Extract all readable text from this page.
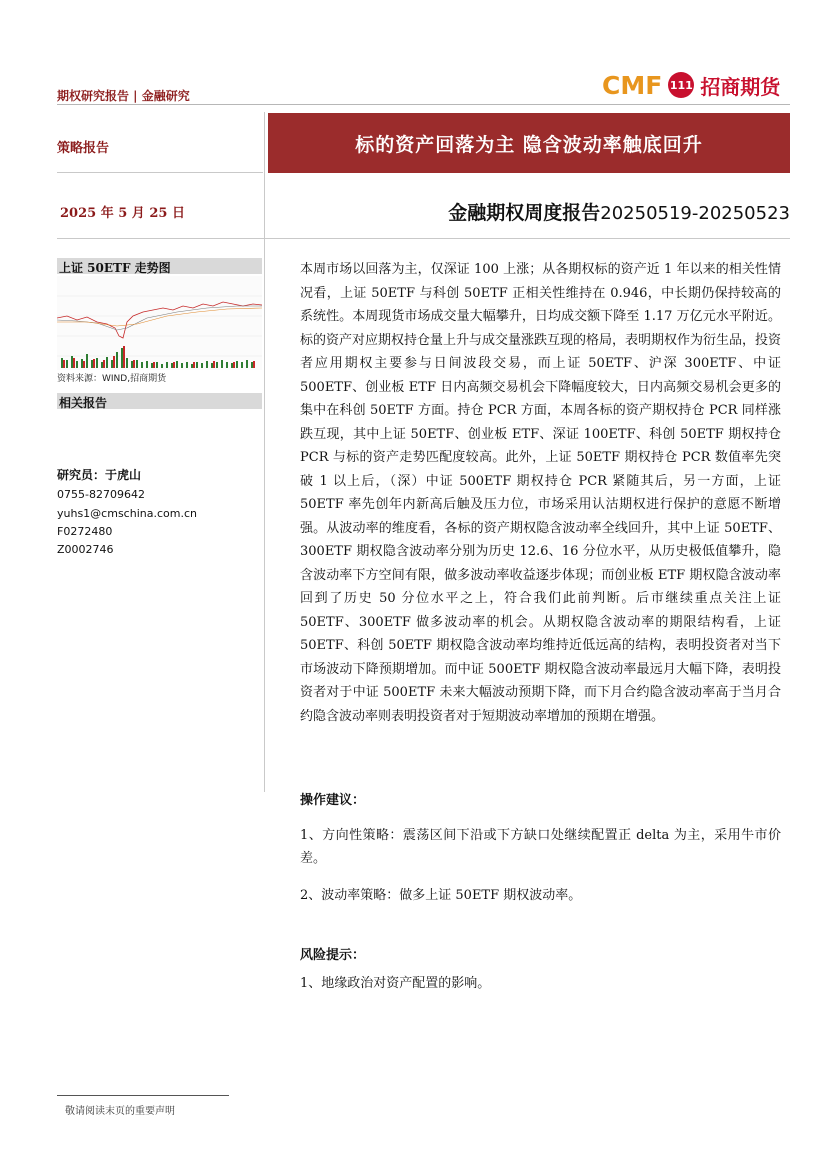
期权研究报告 | 金融研究	CMF 111 招商期货
策略报告	标的资产回落为主 隐含波动率触底回升
2025 年 5 月 25 日	金融期权周度报告20250519-20250523
上证 50ETF 走势图
资料来源：WIND,招商期货
相关报告
研究员：于虎山
0755-82709642
yuhs1@cmschina.com.cn
F0272480
Z0002746
本周市场以回落为主，仅深证 100 上涨；从各期权标的资产近 1 年以来的相关性情况看，上证 50ETF 与科创 50ETF 正相关性维持在 0.946，中长期仍保持较高的系统性。本周现货市场成交量大幅攀升，日均成交额下降至 1.17 万亿元水平附近。标的资产对应期权持仓量上升与成交量涨跌互现的格局，表明期权作为衍生品，投资者应用期权主要参与日间波段交易，而上证 50ETF、沪深 300ETF、中证 500ETF、创业板 ETF 日内高频交易机会下降幅度较大，日内高频交易机会更多的集中在科创 50ETF 方面。持仓 PCR 方面，本周各标的资产期权持仓 PCR 同样涨跌互现，其中上证 50ETF、创业板 ETF、深证 100ETF、科创 50ETF 期权持仓 PCR 与标的资产走势匹配度较高。此外，上证 50ETF 期权持仓 PCR 数值率先突破 1 以上后，（深）中证 500ETF 期权持仓 PCR 紧随其后，另一方面，上证 50ETF 率先创年内新高后触及压力位，市场采用认沽期权进行保护的意愿不断增强。从波动率的维度看，各标的资产期权隐含波动率全线回升，其中上证 50ETF、300ETF 期权隐含波动率分别为历史 12.6、16 分位水平，从历史极低值攀升，隐含波动率下方空间有限，做多波动率收益逐步体现；而创业板 ETF 期权隐含波动率回到了历史 50 分位水平之上，符合我们此前判断。后市继续重点关注上证 50ETF、300ETF 做多波动率的机会。从期权隐含波动率的期限结构看，上证 50ETF、科创 50ETF 期权隐含波动率均维持近低远高的结构，表明投资者对当下市场波动下降预期增加。而中证 500ETF 期权隐含波动率最远月大幅下降，表明投资者对于中证 500ETF 未来大幅波动预期下降，而下月合约隐含波动率高于当月合约隐含波动率则表明投资者对于短期波动率增加的预期在增强。
操作建议：
1、方向性策略：震荡区间下沿或下方缺口处继续配置正 delta 为主，采用牛市价差。
2、波动率策略：做多上证 50ETF 期权波动率。
风险提示：
1、地缘政治对资产配置的影响。
敬请阅读末页的重要声明
